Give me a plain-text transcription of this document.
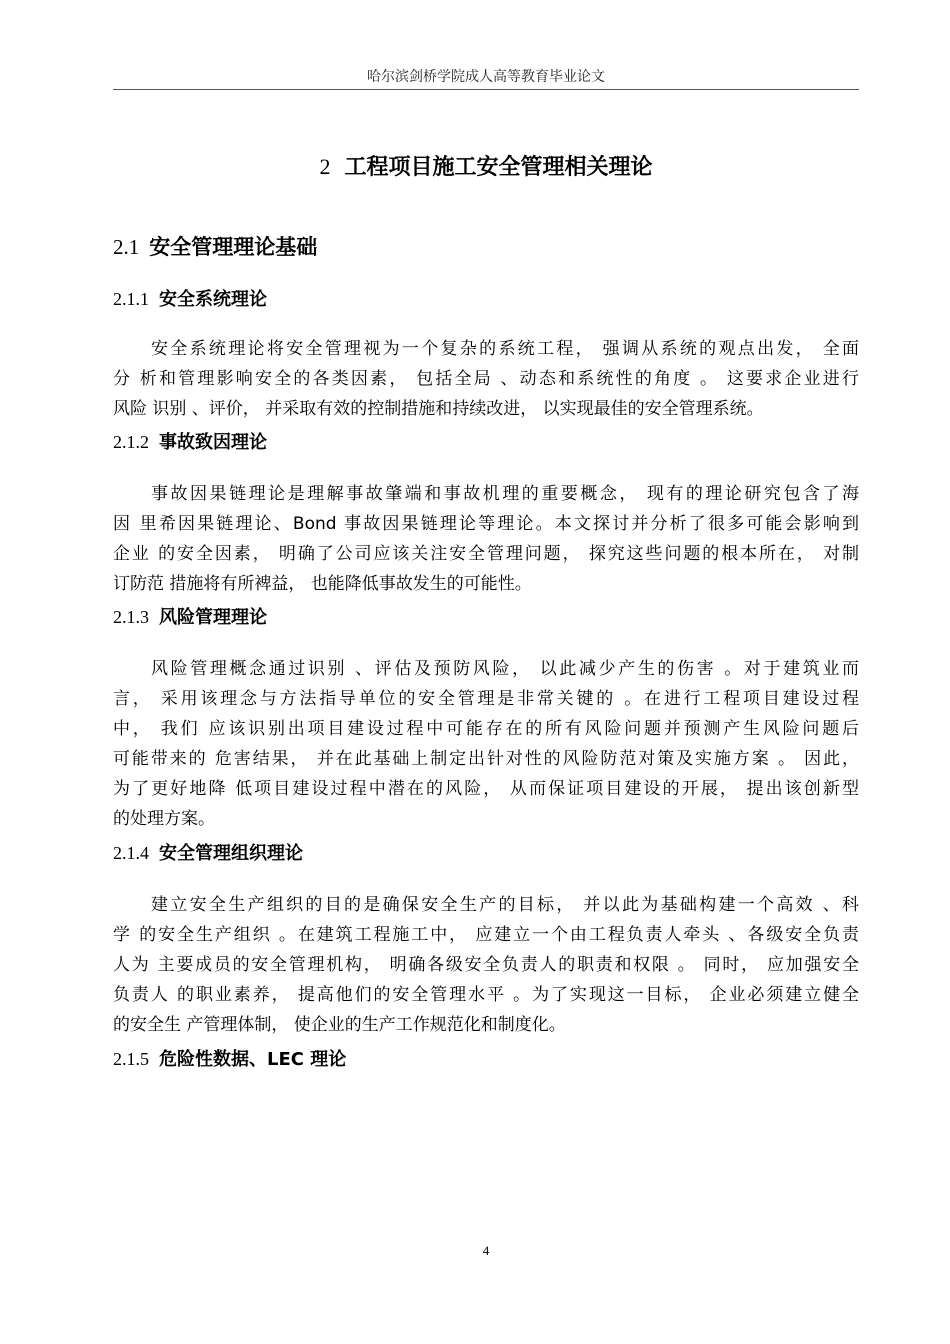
哈尔滨剑桥学院成人高等教育毕业论文
2 工程项目施工安全管理相关理论
2.1 安全管理理论基础
2.1.1 安全系统理论
安全系统理论将安全管理视为一个复杂的系统工程， 强调从系统的观点出发， 全面
分 析和管理影响安全的各类因素， 包括全局 、动态和系统性的角度 。 这要求企业进行
风险 识别 、评价， 并采取有效的控制措施和持续改进， 以实现最佳的安全管理系统。
2.1.2 事故致因理论
事故因果链理论是理解事故肇端和事故机理的重要概念， 现有的理论研究包含了海
因 里希因果链理论、Bond 事故因果链理论等理论。本文探讨并分析了很多可能会影响到
企业 的安全因素， 明确了公司应该关注安全管理问题， 探究这些问题的根本所在， 对制
订防范 措施将有所裨益， 也能降低事故发生的可能性。
2.1.3 风险管理理论
风险管理概念通过识别 、评估及预防风险， 以此减少产生的伤害 。对于建筑业而
言， 采用该理念与方法指导单位的安全管理是非常关键的 。在进行工程项目建设过程
中， 我们 应该识别出项目建设过程中可能存在的所有风险问题并预测产生风险问题后
可能带来的 危害结果， 并在此基础上制定出针对性的风险防范对策及实施方案 。 因此，
为了更好地降 低项目建设过程中潜在的风险， 从而保证项目建设的开展， 提出该创新型
的处理方案。
2.1.4 安全管理组织理论
建立安全生产组织的目的是确保安全生产的目标， 并以此为基础构建一个高效 、科
学 的安全生产组织 。在建筑工程施工中， 应建立一个由工程负责人牵头 、各级安全负责
人为 主要成员的安全管理机构， 明确各级安全负责人的职责和权限 。 同时， 应加强安全
负责人 的职业素养， 提高他们的安全管理水平 。为了实现这一目标， 企业必须建立健全
的安全生 产管理体制， 使企业的生产工作规范化和制度化。
2.1.5 危险性数据、LEC 理论
4
